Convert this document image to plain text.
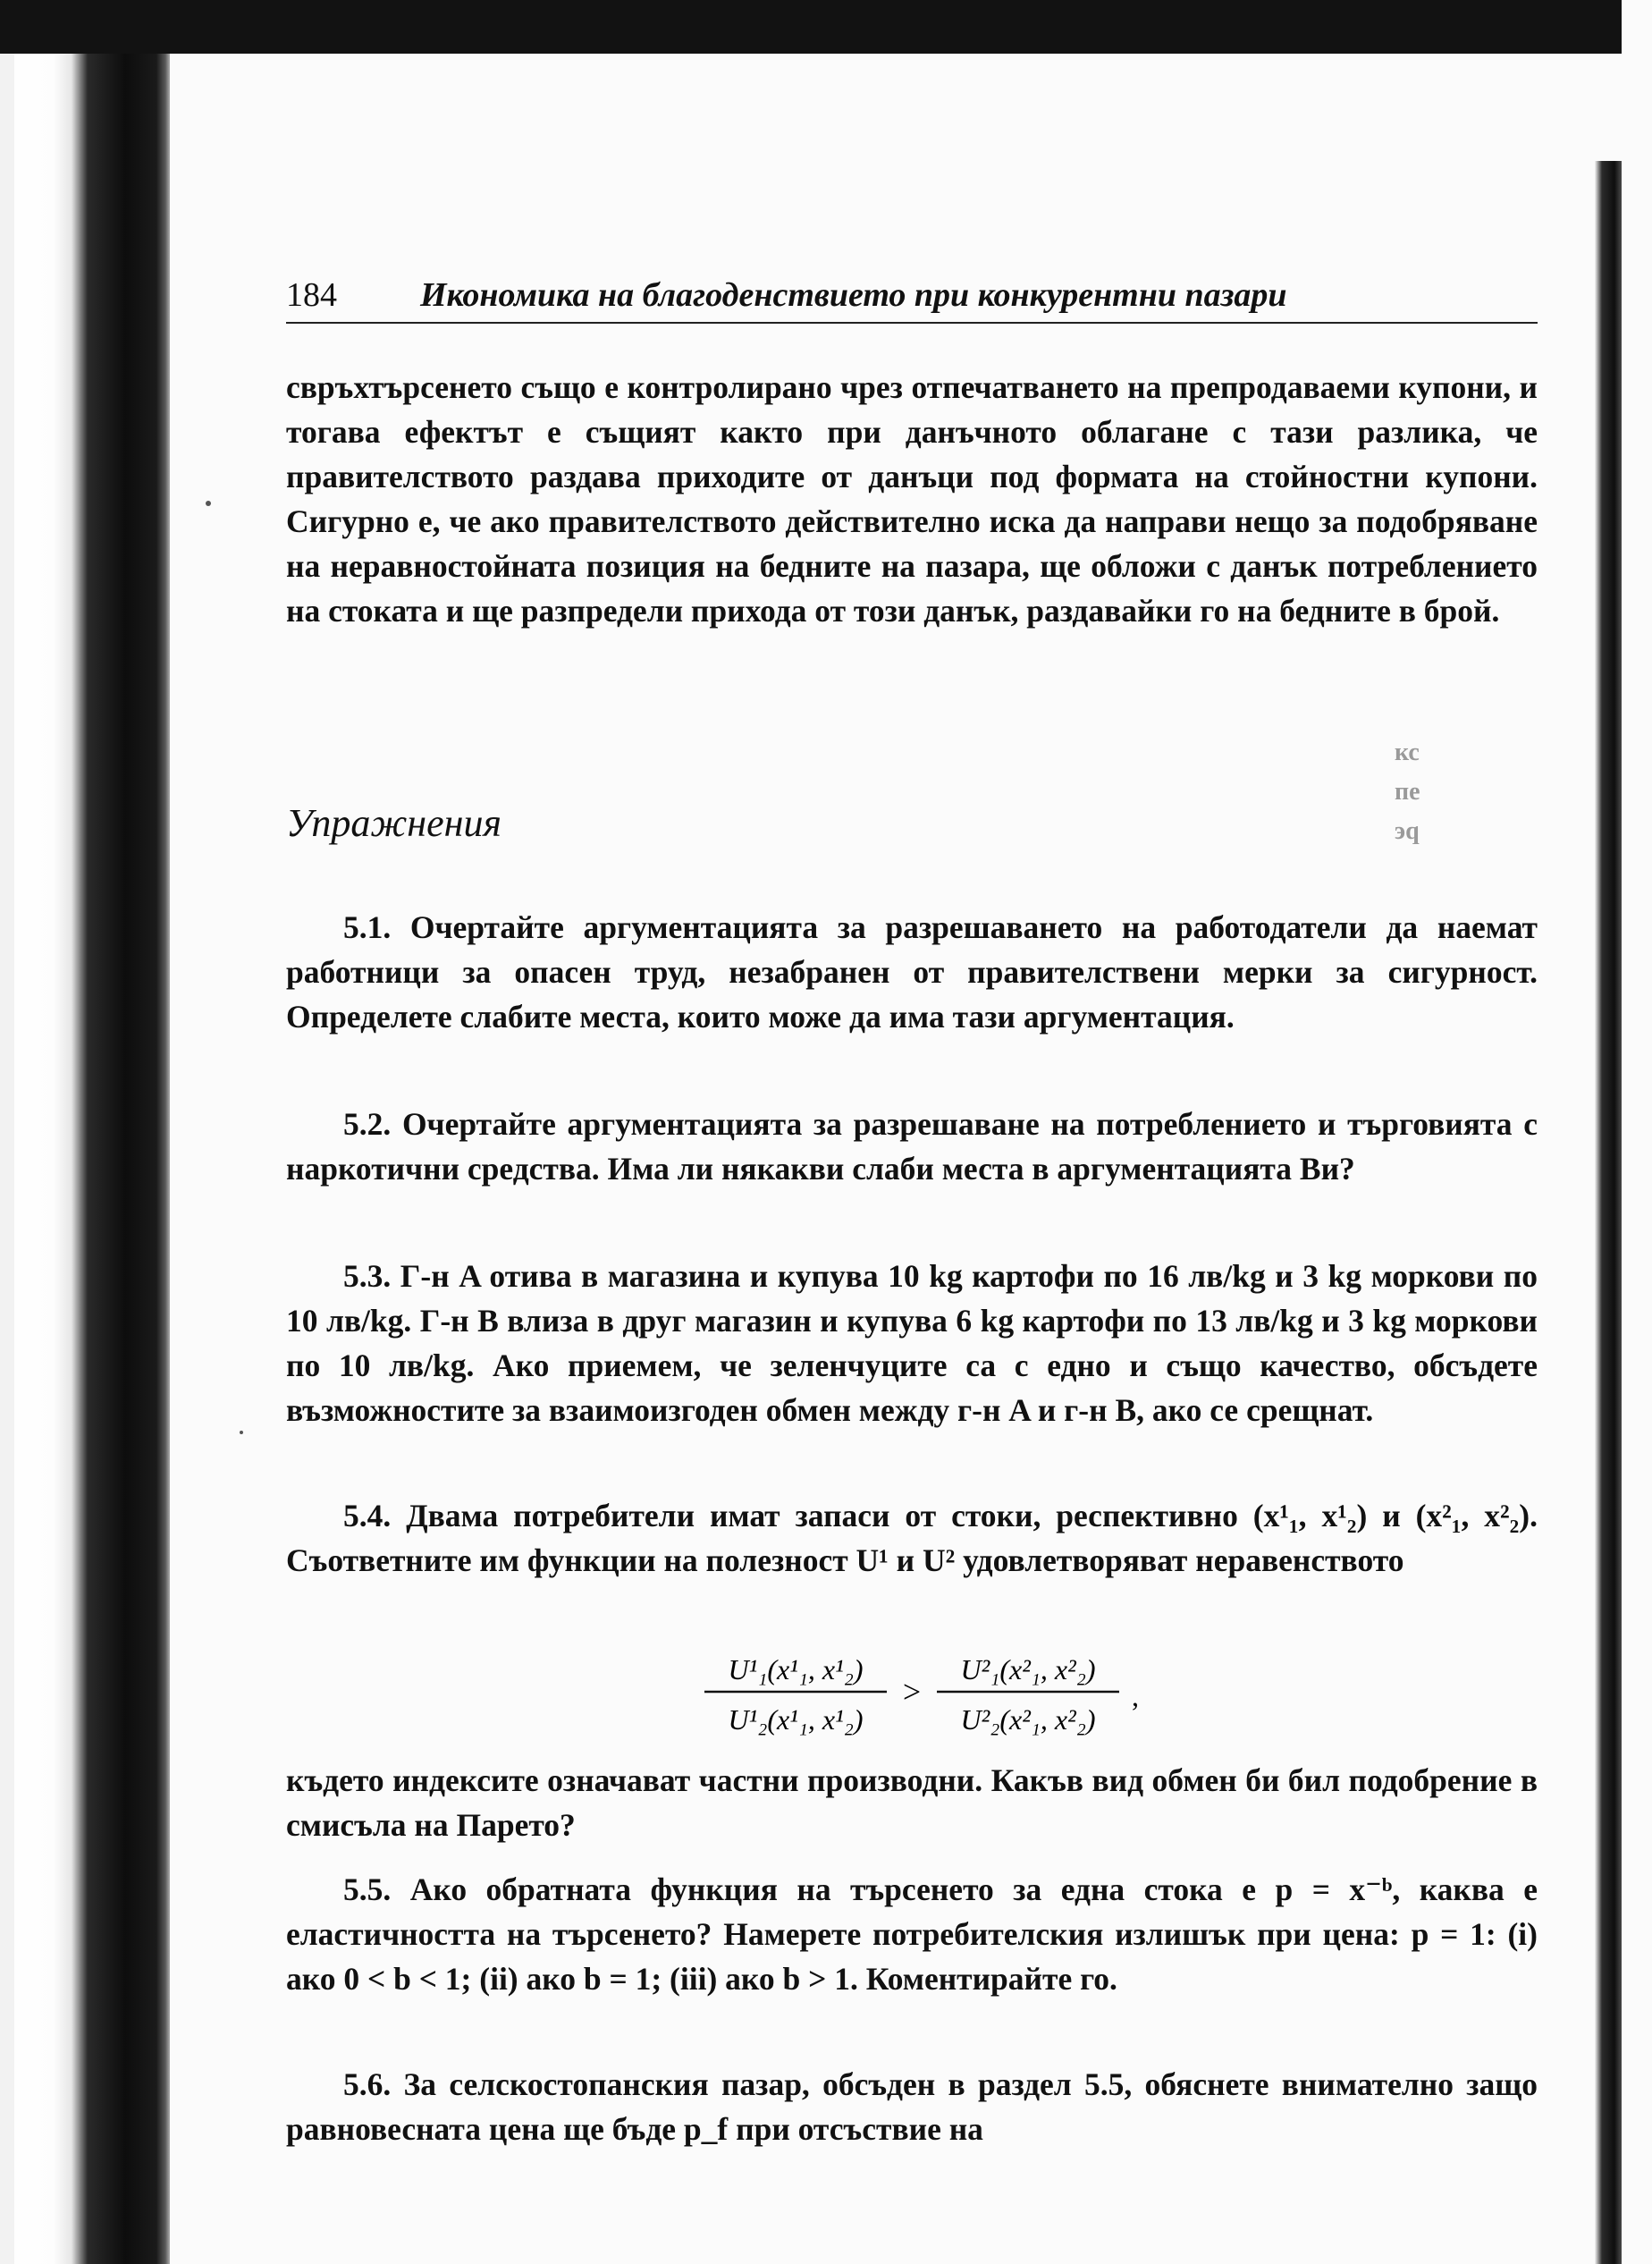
кс
пе
эq
184 Икономика на благоденствието при конкурентни пазари
свръхтърсенето също е контролирано чрез отпечатването на препродаваеми купони, и тогава ефектът е същият както при данъчното облагане с тази разлика, че правителството раздава приходите от данъци под формата на стойностни купони. Сигурно е, че ако правителството действително иска да направи нещо за подобряване на неравностойната позиция на бедните на пазара, ще обложи с данък потреблението на стоката и ще разпредели прихода от този данък, раздавайки го на бедните в брой.
Упражнения
5.1. Очертайте аргументацията за разрешаването на работодатели да наемат работници за опасен труд, незабранен от правителствени мерки за сигурност. Определете слабите места, които може да има тази аргументация.
5.2. Очертайте аргументацията за разрешаване на потреблението и търговията с наркотични средства. Има ли някакви слаби места в аргументацията Ви?
5.3. Г-н A отива в магазина и купува 10 kg картофи по 16 лв/kg и 3 kg моркови по 10 лв/kg. Г-н B влиза в друг магазин и купува 6 kg картофи по 13 лв/kg и 3 kg моркови по 10 лв/kg. Ако приемем, че зеленчуците са с едно и също качество, обсъдете възможностите за взаимоизгоден обмен между г-н A и г-н B, ако се срещнат.
5.4. Двама потребители имат запаси от стоки, респективно (x¹₁, x¹₂) и (x²₁, x²₂). Съответните им функции на полезност U¹ и U² удовлетворяват неравенството
U¹₁(x¹₁, x¹₂)
U¹₂(x¹₁, x¹₂)
>
U²₁(x²₁, x²₂)
U²₂(x²₁, x²₂)
,
където индексите означават частни производни. Какъв вид обмен би бил подобрение в смисъла на Парето?
5.5. Ако обратната функция на търсенето за една стока е p = x⁻ᵇ, каква е еластичността на търсенето? Намерете потребителския излишък при цена: p = 1: (i) ако 0 < b < 1; (ii) ако b = 1; (iii) ако b > 1. Коментирайте го.
5.6. За селскостопанския пазар, обсъден в раздел 5.5, обяснете внимателно защо равновесната цена ще бъде p_f при отсъствие на
